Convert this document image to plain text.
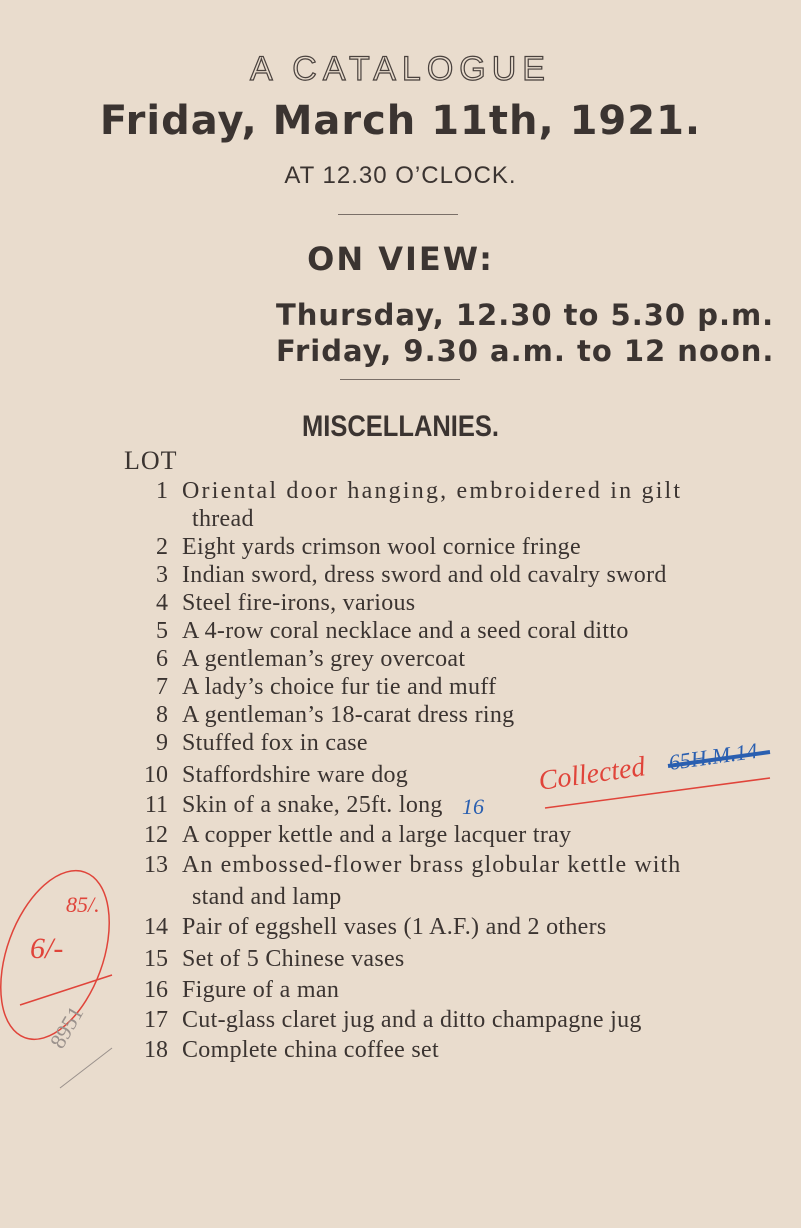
A CATALOGUE
Friday, March 11th, 1921.
AT 12.30 O’CLOCK.
ON VIEW:
Thursday, 12.30 to 5.30 p.m.
Friday, 9.30 a.m. to 12 noon.
MISCELLANIES.
LOT
1 Oriental door hanging, embroidered in gilt
thread
2 Eight yards crimson wool cornice fringe
3 Indian sword, dress sword and old cavalry sword
4 Steel fire-irons, various
5 A 4-row coral necklace and a seed coral ditto
6 A gentleman’s grey overcoat
7 A lady’s choice fur tie and muff
8 A gentleman’s 18-carat dress ring
9 Stuffed fox in case
10 Staffordshire ware dog
11 Skin of a snake, 25ft. long
12 A copper kettle and a large lacquer tray
13 An embossed-flower brass globular kettle with
stand and lamp
14 Pair of eggshell vases (1 A.F.) and 2 others
15 Set of 5 Chinese vases
16 Figure of a man
17 Cut-glass claret jug and a ditto champagne jug
18 Complete china coffee set
6/-
85/.
8951
Collected 65H.M.14
16
